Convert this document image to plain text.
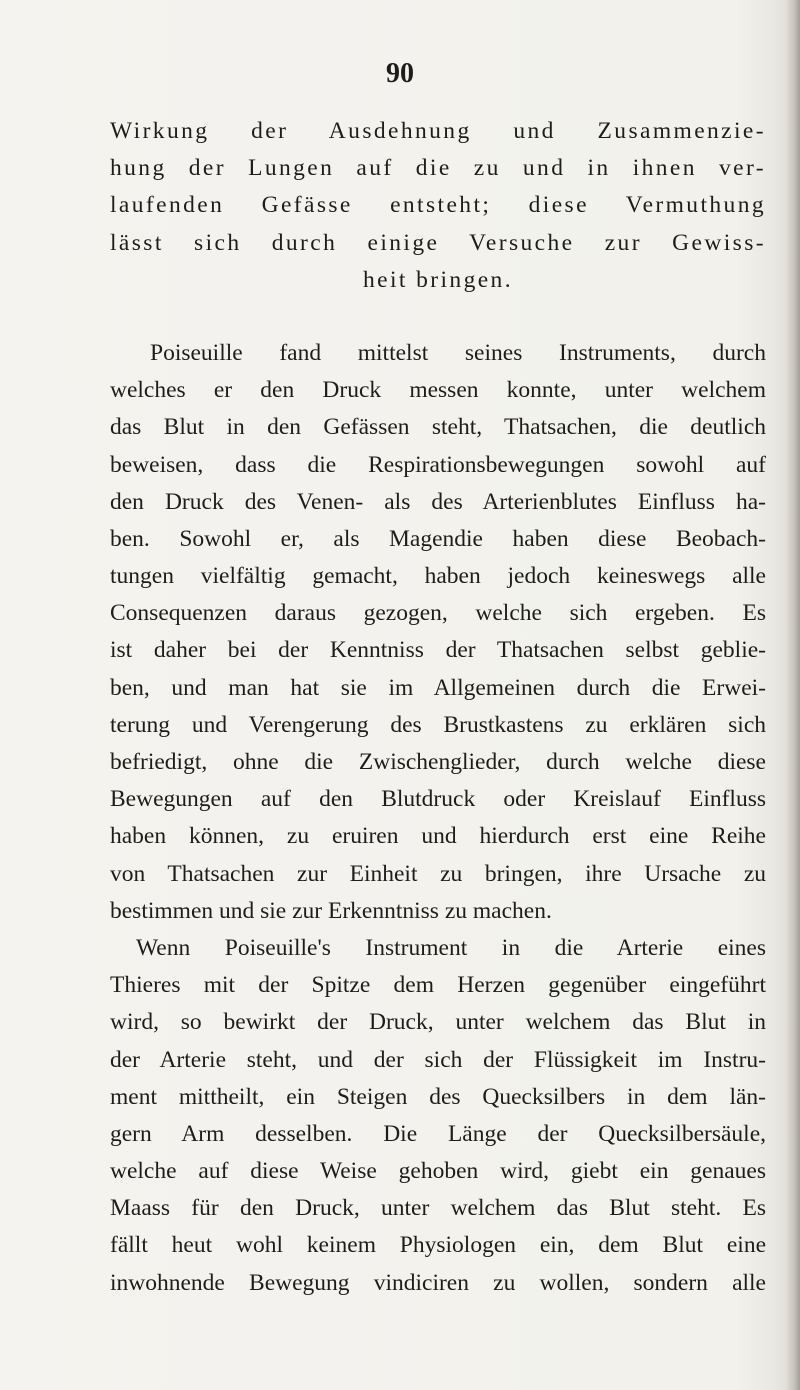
90
Wirkung der Ausdehnung und Zusammenzie-
hung der Lungen auf die zu und in ihnen ver-
laufenden Gefässe entsteht; diese Vermuthung
lässt sich durch einige Versuche zur Gewiss-
heit bringen.
Poiseuille fand mittelst seines Instruments, durch
welches er den Druck messen konnte, unter welchem
das Blut in den Gefässen steht, Thatsachen, die deutlich
beweisen, dass die Respirationsbewegungen sowohl auf
den Druck des Venen- als des Arterienblutes Einfluss ha-
ben. Sowohl er, als Magendie haben diese Beobach-
tungen vielfältig gemacht, haben jedoch keineswegs alle
Consequenzen daraus gezogen, welche sich ergeben. Es
ist daher bei der Kenntniss der Thatsachen selbst geblie-
ben, und man hat sie im Allgemeinen durch die Erwei-
terung und Verengerung des Brustkastens zu erklären sich
befriedigt, ohne die Zwischenglieder, durch welche diese
Bewegungen auf den Blutdruck oder Kreislauf Einfluss
haben können, zu eruiren und hierdurch erst eine Reihe
von Thatsachen zur Einheit zu bringen, ihre Ursache zu
bestimmen und sie zur Erkenntniss zu machen.
Wenn Poiseuille's Instrument in die Arterie eines
Thieres mit der Spitze dem Herzen gegenüber eingeführt
wird, so bewirkt der Druck, unter welchem das Blut in
der Arterie steht, und der sich der Flüssigkeit im Instru-
ment mittheilt, ein Steigen des Quecksilbers in dem län-
gern Arm desselben. Die Länge der Quecksilbersäule,
welche auf diese Weise gehoben wird, giebt ein genaues
Maass für den Druck, unter welchem das Blut steht. Es
fällt heut wohl keinem Physiologen ein, dem Blut eine
inwohnende Bewegung vindiciren zu wollen, sondern alle
